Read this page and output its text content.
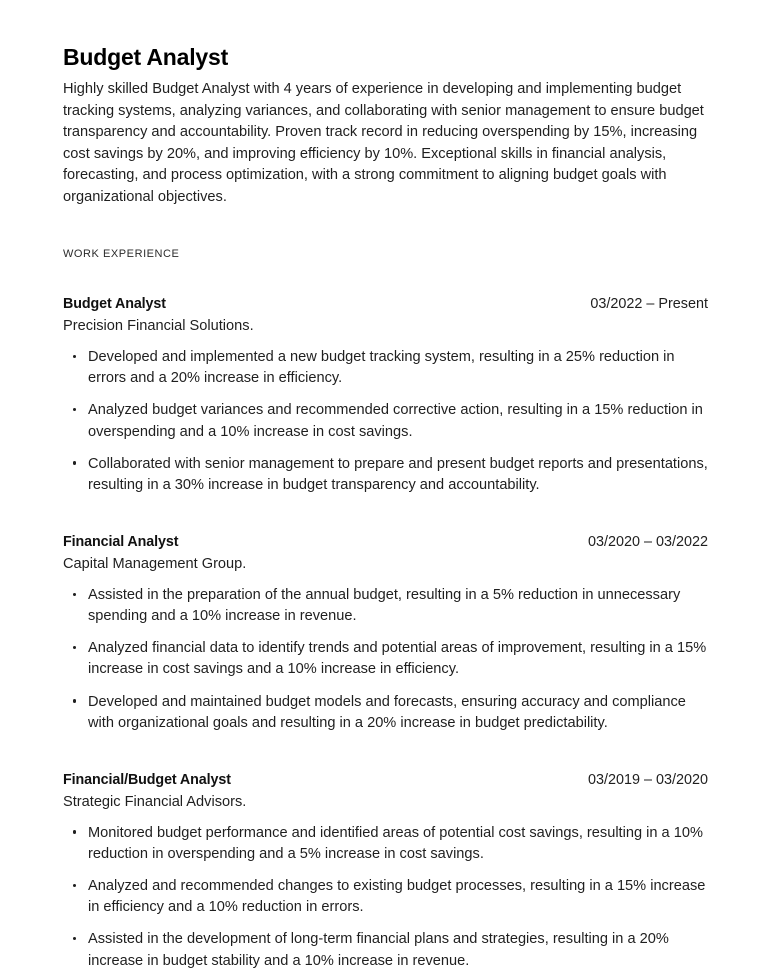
Budget Analyst

Highly skilled Budget Analyst with 4 years of experience in developing and implementing budget tracking systems, analyzing variances, and collaborating with senior management to ensure budget transparency and accountability. Proven track record in reducing overspending by 15%, increasing cost savings by 20%, and improving efficiency by 10%. Exceptional skills in financial analysis, forecasting, and process optimization, with a strong commitment to aligning budget goals with organizational objectives.

WORK EXPERIENCE
Budget Analyst	03/2022 – Present
Precision Financial Solutions.
Developed and implemented a new budget tracking system, resulting in a 25% reduction in errors and a 20% increase in efficiency.
Analyzed budget variances and recommended corrective action, resulting in a 15% reduction in overspending and a 10% increase in cost savings.
Collaborated with senior management to prepare and present budget reports and presentations, resulting in a 30% increase in budget transparency and accountability.
Financial Analyst	03/2020 – 03/2022
Capital Management Group.
Assisted in the preparation of the annual budget, resulting in a 5% reduction in unnecessary spending and a 10% increase in revenue.
Analyzed financial data to identify trends and potential areas of improvement, resulting in a 15% increase in cost savings and a 10% increase in efficiency.
Developed and maintained budget models and forecasts, ensuring accuracy and compliance with organizational goals and resulting in a 20% increase in budget predictability.
Financial/Budget Analyst	03/2019 – 03/2020
Strategic Financial Advisors.
Monitored budget performance and identified areas of potential cost savings, resulting in a 10% reduction in overspending and a 5% increase in cost savings.
Analyzed and recommended changes to existing budget processes, resulting in a 15% increase in efficiency and a 10% reduction in errors.
Assisted in the development of long-term financial plans and strategies, resulting in a 20% increase in budget stability and a 10% increase in revenue.
